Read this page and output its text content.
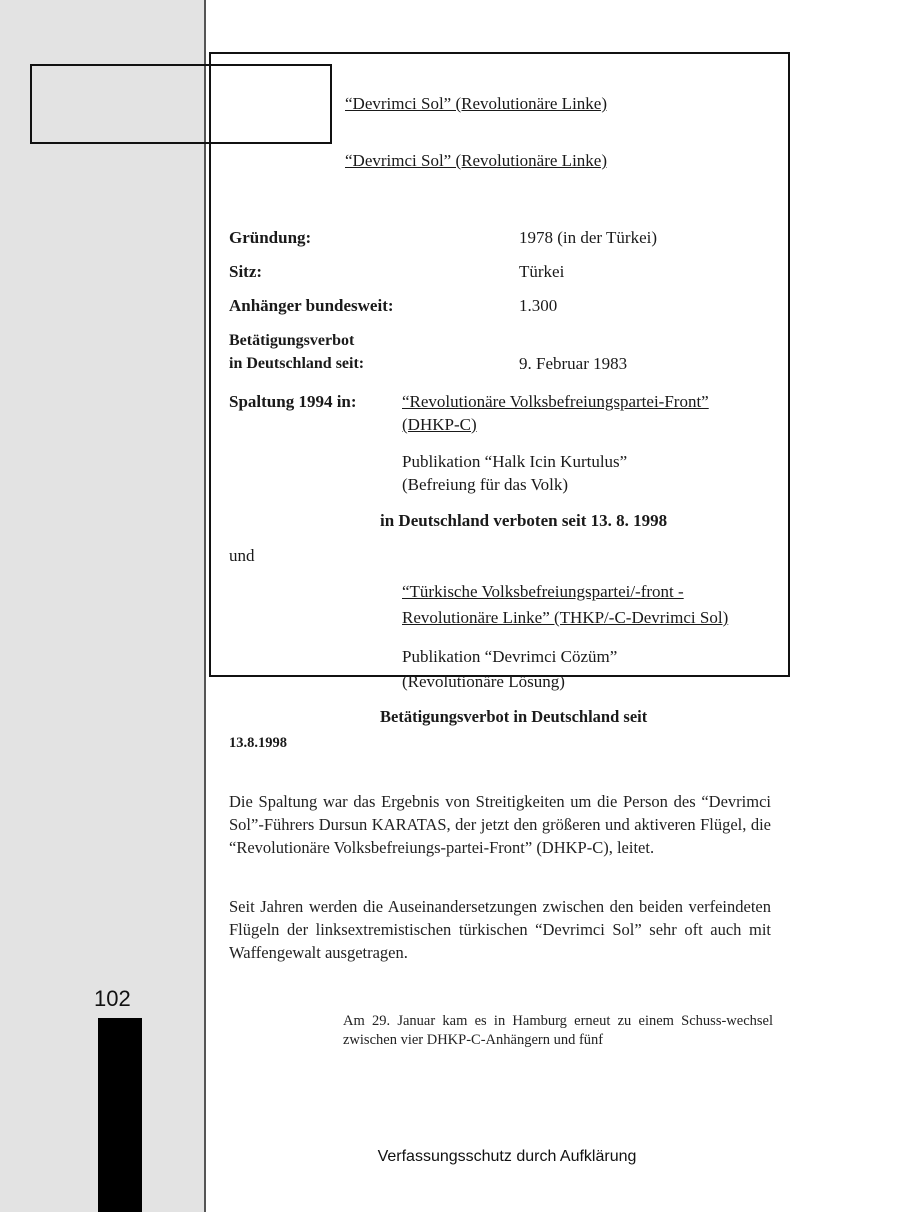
102
“Devrimci Sol” (Revolutionäre Linke)
“Devrimci Sol” (Revolutionäre Linke)
Gründung:	1978 (in der Türkei)
Sitz:	Türkei
Anhänger bundesweit:	1.300
Betätigungsverbot
in Deutschland seit:	9. Februar 1983
Spaltung 1994 in:	“Revolutionäre Volksbefreiungspartei-Front”
(DHKP-C)
Publikation “Halk Icin Kurtulus”
(Befreiung für das Volk)
in Deutschland verboten seit 13. 8. 1998
und
“Türkische Volksbefreiungspartei/-front -
Revolutionäre Linke” (THKP/-C-Devrimci Sol)
Publikation “Devrimci Cözüm”
(Revolutionäre Lösung)
Betätigungsverbot in Deutschland seit
13.8.1998
Die Spaltung war das Ergebnis von Streitigkeiten um die Person des “Devrimci Sol”-Führers Dursun KARATAS, der jetzt den größeren und aktiveren Flügel, die “Revolutionäre Volksbefreiungs-partei-Front” (DHKP-C), leitet.
Seit Jahren werden die Auseinandersetzungen zwischen den beiden verfeindeten Flügeln der linksextremistischen türkischen “Devrimci Sol” sehr oft auch mit Waffengewalt ausgetragen.
Am 29. Januar kam es in Hamburg erneut zu einem Schuss-wechsel zwischen vier DHKP-C-Anhängern und fünf
Verfassungsschutz durch Aufklärung
